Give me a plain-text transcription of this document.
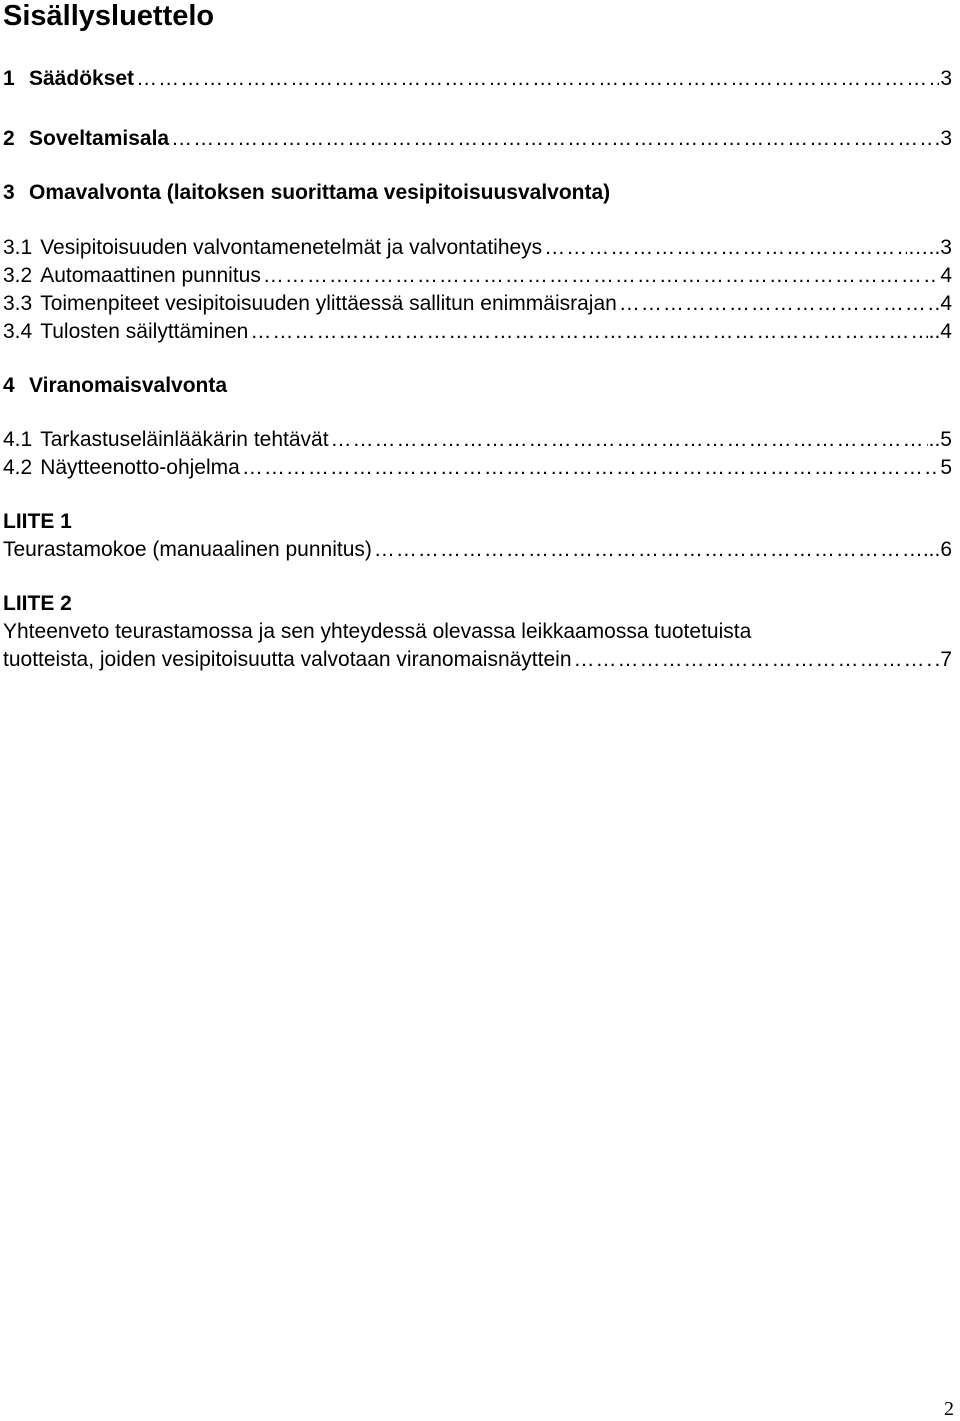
Sisällysluettelo
1 Säädökset …………………………………………………………………………………………………………………………………………………………………………………………………………	3
2 Soveltamisala …………………………………………………………………………………………………………………………………………………………………………………………………………	.3
3 Omavalvonta (laitoksen suorittama vesipitoisuusvalvonta)
3.1 Vesipitoisuuden valvontamenetelmät ja valvontatiheys …………………………………………………………………………………………………………………………………………………………………………………………………………	…..3
3.2 Automaattinen punnitus …………………………………………………………………………………………………………………………………………………………………………………………………………	4
3.3 Toimenpiteet vesipitoisuuden ylittäessä sallitun enimmäisrajan …………………………………………………………………………………………………………………………………………………………………………………………………………	4
3.4 Tulosten säilyttäminen …………………………………………………………………………………………………………………………………………………………………………………………………………	..4
4 Viranomaisvalvonta
4.1 Tarkastuseläinlääkärin tehtävät …………………………………………………………………………………………………………………………………………………………………………………………………………	..5
4.2 Näytteenotto-ohjelma …………………………………………………………………………………………………………………………………………………………………………………………………………	5
LIITE 1
Teurastamokoe (manuaalinen punnitus) …………………………………………………………………………………………………………………………………………………………………………………………………………	...6
LIITE 2
Yhteenveto teurastamossa ja sen yhteydessä olevassa leikkaamossa tuotetuista
tuotteista, joiden vesipitoisuutta valvotaan viranomaisnäyttein …………………………………………………………………………………………………………………………………………………………………………………………………………	.7
2
